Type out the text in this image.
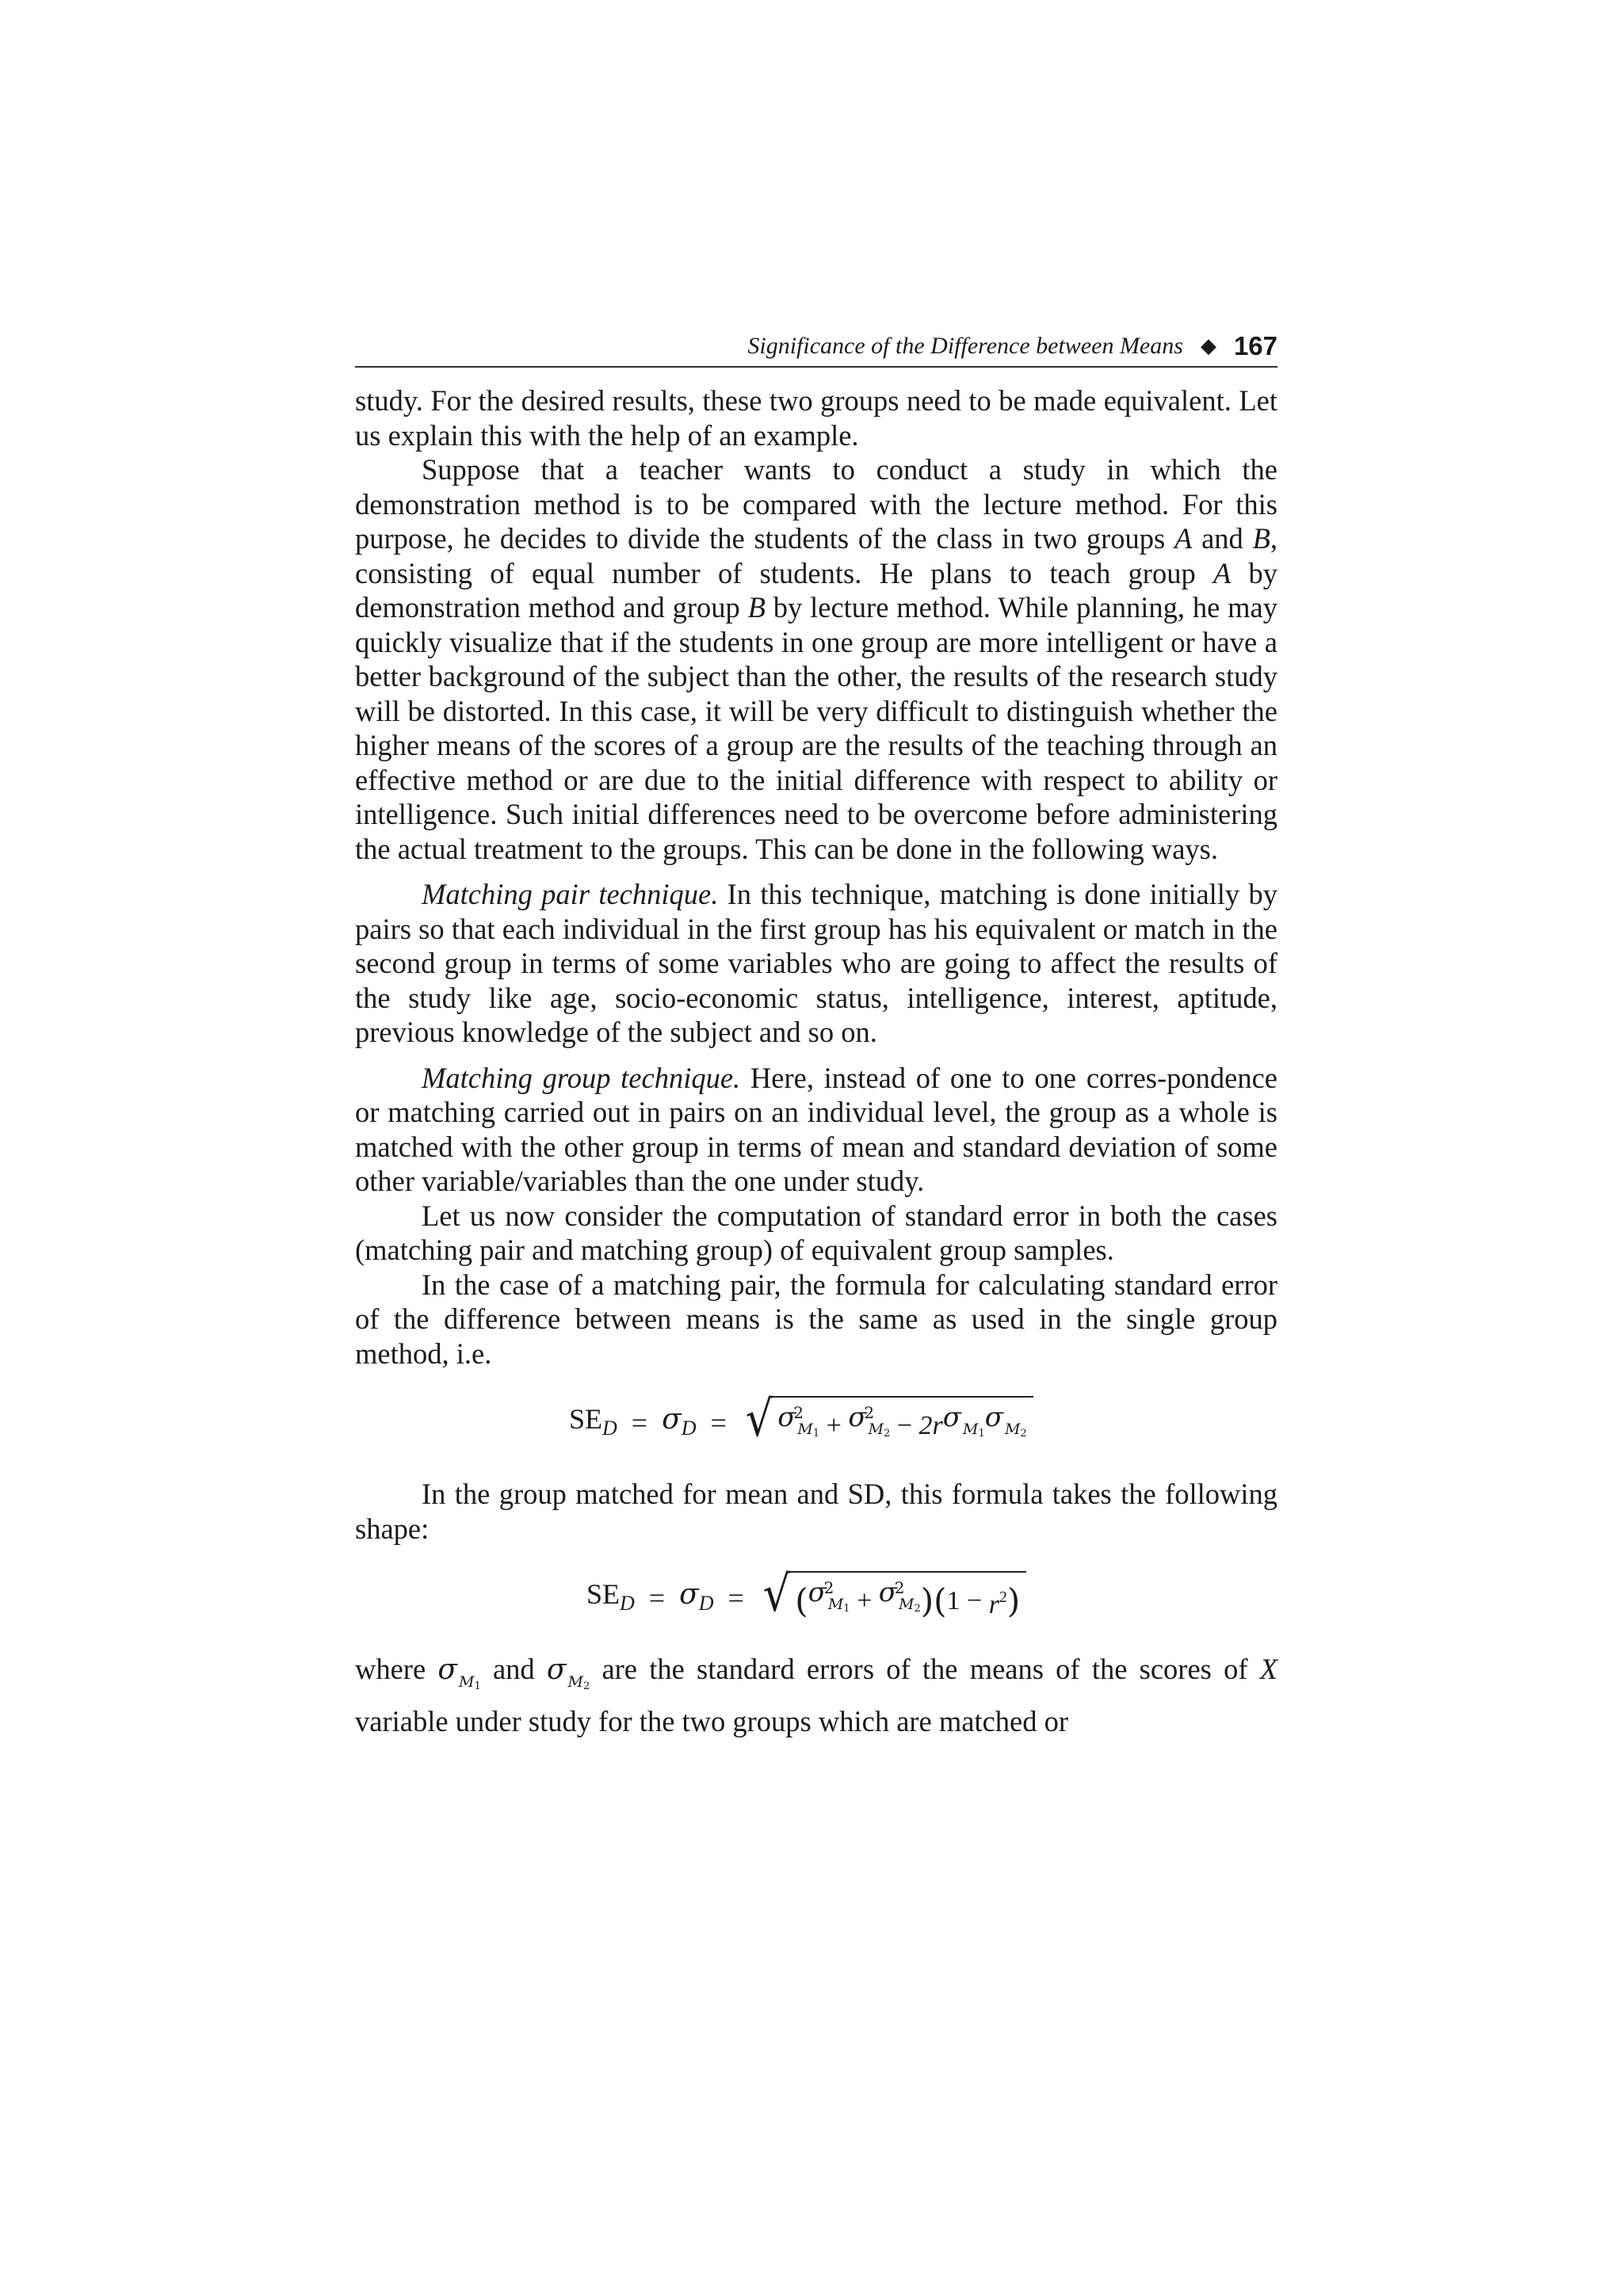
Significance of the Difference between Means ◆ 167

study. For the desired results, these two groups need to be made equivalent. Let us explain this with the help of an example.

Suppose that a teacher wants to conduct a study in which the demonstration method is to be compared with the lecture method. For this purpose, he decides to divide the students of the class in two groups A and B, consisting of equal number of students. He plans to teach group A by demonstration method and group B by lecture method. While planning, he may quickly visualize that if the students in one group are more intelligent or have a better background of the subject than the other, the results of the research study will be distorted. In this case, it will be very difficult to distinguish whether the higher means of the scores of a group are the results of the teaching through an effective method or are due to the initial difference with respect to ability or intelligence. Such initial differences need to be overcome before administering the actual treatment to the groups. This can be done in the following ways.

Matching pair technique. In this technique, matching is done initially by pairs so that each individual in the first group has his equivalent or match in the second group in terms of some variables who are going to affect the results of the study like age, socio-economic status, intelligence, interest, aptitude, previous knowledge of the subject and so on.

Matching group technique. Here, instead of one to one corres-pondence or matching carried out in pairs on an individual level, the group as a whole is matched with the other group in terms of mean and standard deviation of some other variable/variables than the one under study.

Let us now consider the computation of standard error in both the cases (matching pair and matching group) of equivalent group samples.

In the case of a matching pair, the formula for calculating standard error of the difference between means is the same as used in the single group method, i.e.

$SE_D = \sigma_D$ = √ σ
2
$_{M1}$
+
σ
2
$_{M2}$
−
2r σ $_{M1}$
σ $_{M2}$

In the group matched for mean and SD, this formula takes the following shape:

$SE_D = \sigma_D$ = √ ( σ
2
$_{M1}$
+
σ
2
$_{M2}$ ) ( 1 −
$r^2$ )

where σ $_{M1}$ and σ $_{M2}$ are the standard errors of the means of the scores of X variable under study for the two groups which are matched or
